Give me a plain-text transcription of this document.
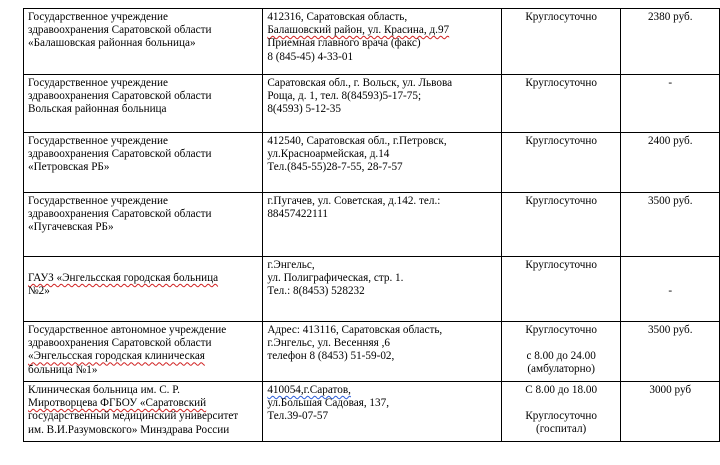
Государственное учреждение
здравоохранения Саратовской области
«Балашовская районная больница»	412316, Саратовская область,
Балашовский район, ул. Красина, д.97
Приемная главного врача (факс)
8 (845-45) 4-33-01	Круглосуточно	2380 руб.

Государственное учреждение
здравоохранения Саратовской области
Вольская районная больница	Саратовская обл., г. Вольск, ул. Львова
Роща, д. 1, тел. 8(84593)5-17-75;
8(4593) 5-12-35	Круглосуточно	-

Государственное учреждение
здравоохранения Саратовской области
«Петровская РБ»	412540, Саратовская обл., г.Петровск,
ул.Красноармейская, д.14
Тел.(845-55)28-7-55, 28-7-57	Круглосуточно	2400 руб.

Государственное учреждение
здравоохранения Саратовской области
«Пугачевская РБ»	г.Пугачев, ул. Советская, д.142. тел.:
88457422111	Круглосуточно	3500 руб.

ГАУЗ «Энгельсская городская больница
№2»	г.Энгельс,
ул. Полиграфическая, стр. 1.
Тел.: 8(8453) 528232	Круглосуточно	-

Государственное автономное учреждение
здравоохранения Саратовской области
«Энгельсская городская клиническая
больница №1»	Адрес: 413116, Саратовская область,
г.Энгельс, ул. Весенняя ,6
телефон 8 (8453) 51-59-02,	Круглосуточно
с 8.00 до 24.00
(амбулаторно)	3500 руб.

Клиническая больница им. С. Р.
Миротворцева ФГБОУ «Саратовский
государственный медицинский университет
им. В.И.Разумовского» Минздрава России	410054,г.Саратов,
ул.Большая Садовая, 137,
Тел.39-07-57	С 8.00 до 18.00
Круглосуточно
(госпитал)	3000 руб
